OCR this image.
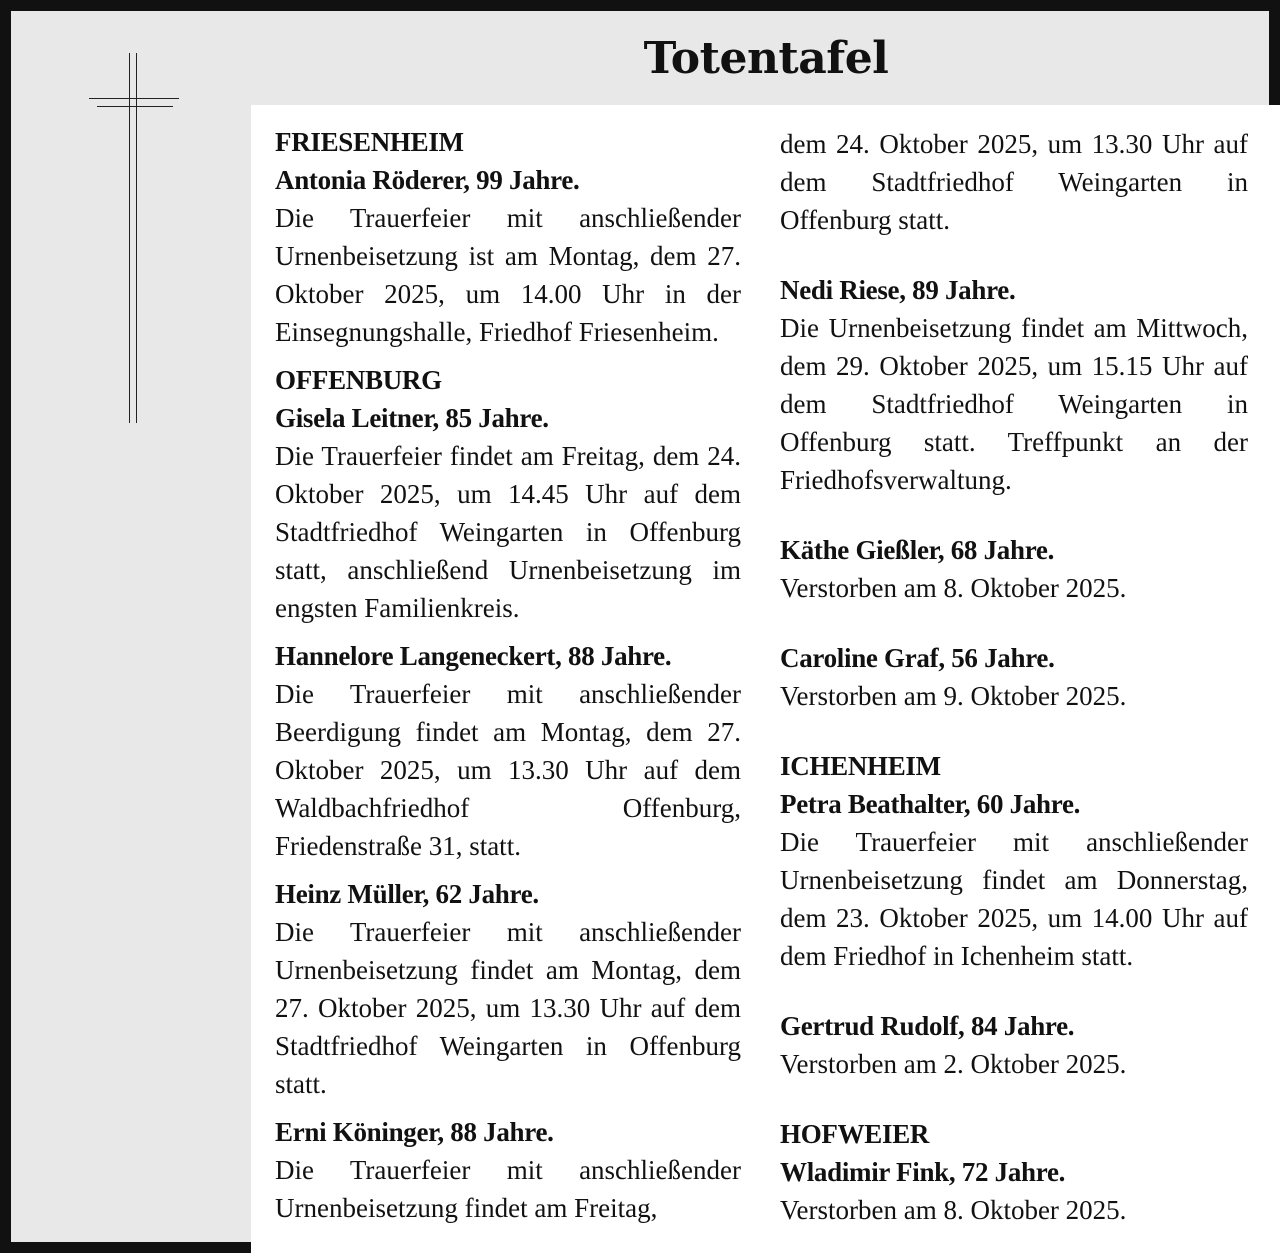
Totentafel
FRIESENHEIM
Antonia Röderer, 99 Jahre.
Die Trauerfeier mit anschließender Urnenbeisetzung ist am Montag, dem 27. Oktober 2025, um 14.00 Uhr in der Einsegnungshalle, Friedhof Friesenheim.
OFFENBURG
Gisela Leitner, 85 Jahre.
Die Trauerfeier findet am Freitag, dem 24. Oktober 2025, um 14.45 Uhr auf dem Stadtfriedhof Weingarten in Offenburg statt, anschließend Urnenbeisetzung im engsten Familienkreis.
Hannelore Langeneckert, 88 Jahre.
Die Trauerfeier mit anschließender Beerdigung findet am Montag, dem 27. Oktober 2025, um 13.30 Uhr auf dem Waldbachfriedhof Offenburg, Friedenstraße 31, statt.
Heinz Müller, 62 Jahre.
Die Trauerfeier mit anschließender Urnenbeisetzung findet am Montag, dem 27. Oktober 2025, um 13.30 Uhr auf dem Stadtfriedhof Weingarten in Offenburg statt.
Erni Köninger, 88 Jahre.
Die Trauerfeier mit anschließender Urnenbeisetzung findet am Freitag,
dem 24. Oktober 2025, um 13.30 Uhr auf dem Stadtfriedhof Weingarten in Offenburg statt.
Nedi Riese, 89 Jahre.
Die Urnenbeisetzung findet am Mittwoch, dem 29. Oktober 2025, um 15.15 Uhr auf dem Stadtfriedhof Weingarten in Offenburg statt. Treffpunkt an der Friedhofsverwaltung.
Käthe Gießler, 68 Jahre.
Verstorben am 8. Oktober 2025.
Caroline Graf, 56 Jahre.
Verstorben am 9. Oktober 2025.
ICHENHEIM
Petra Beathalter, 60 Jahre.
Die Trauerfeier mit anschließender Urnenbeisetzung findet am Donnerstag, dem 23. Oktober 2025, um 14.00 Uhr auf dem Friedhof in Ichenheim statt.
Gertrud Rudolf, 84 Jahre.
Verstorben am 2. Oktober 2025.
HOFWEIER
Wladimir Fink, 72 Jahre.
Verstorben am 8. Oktober 2025.
